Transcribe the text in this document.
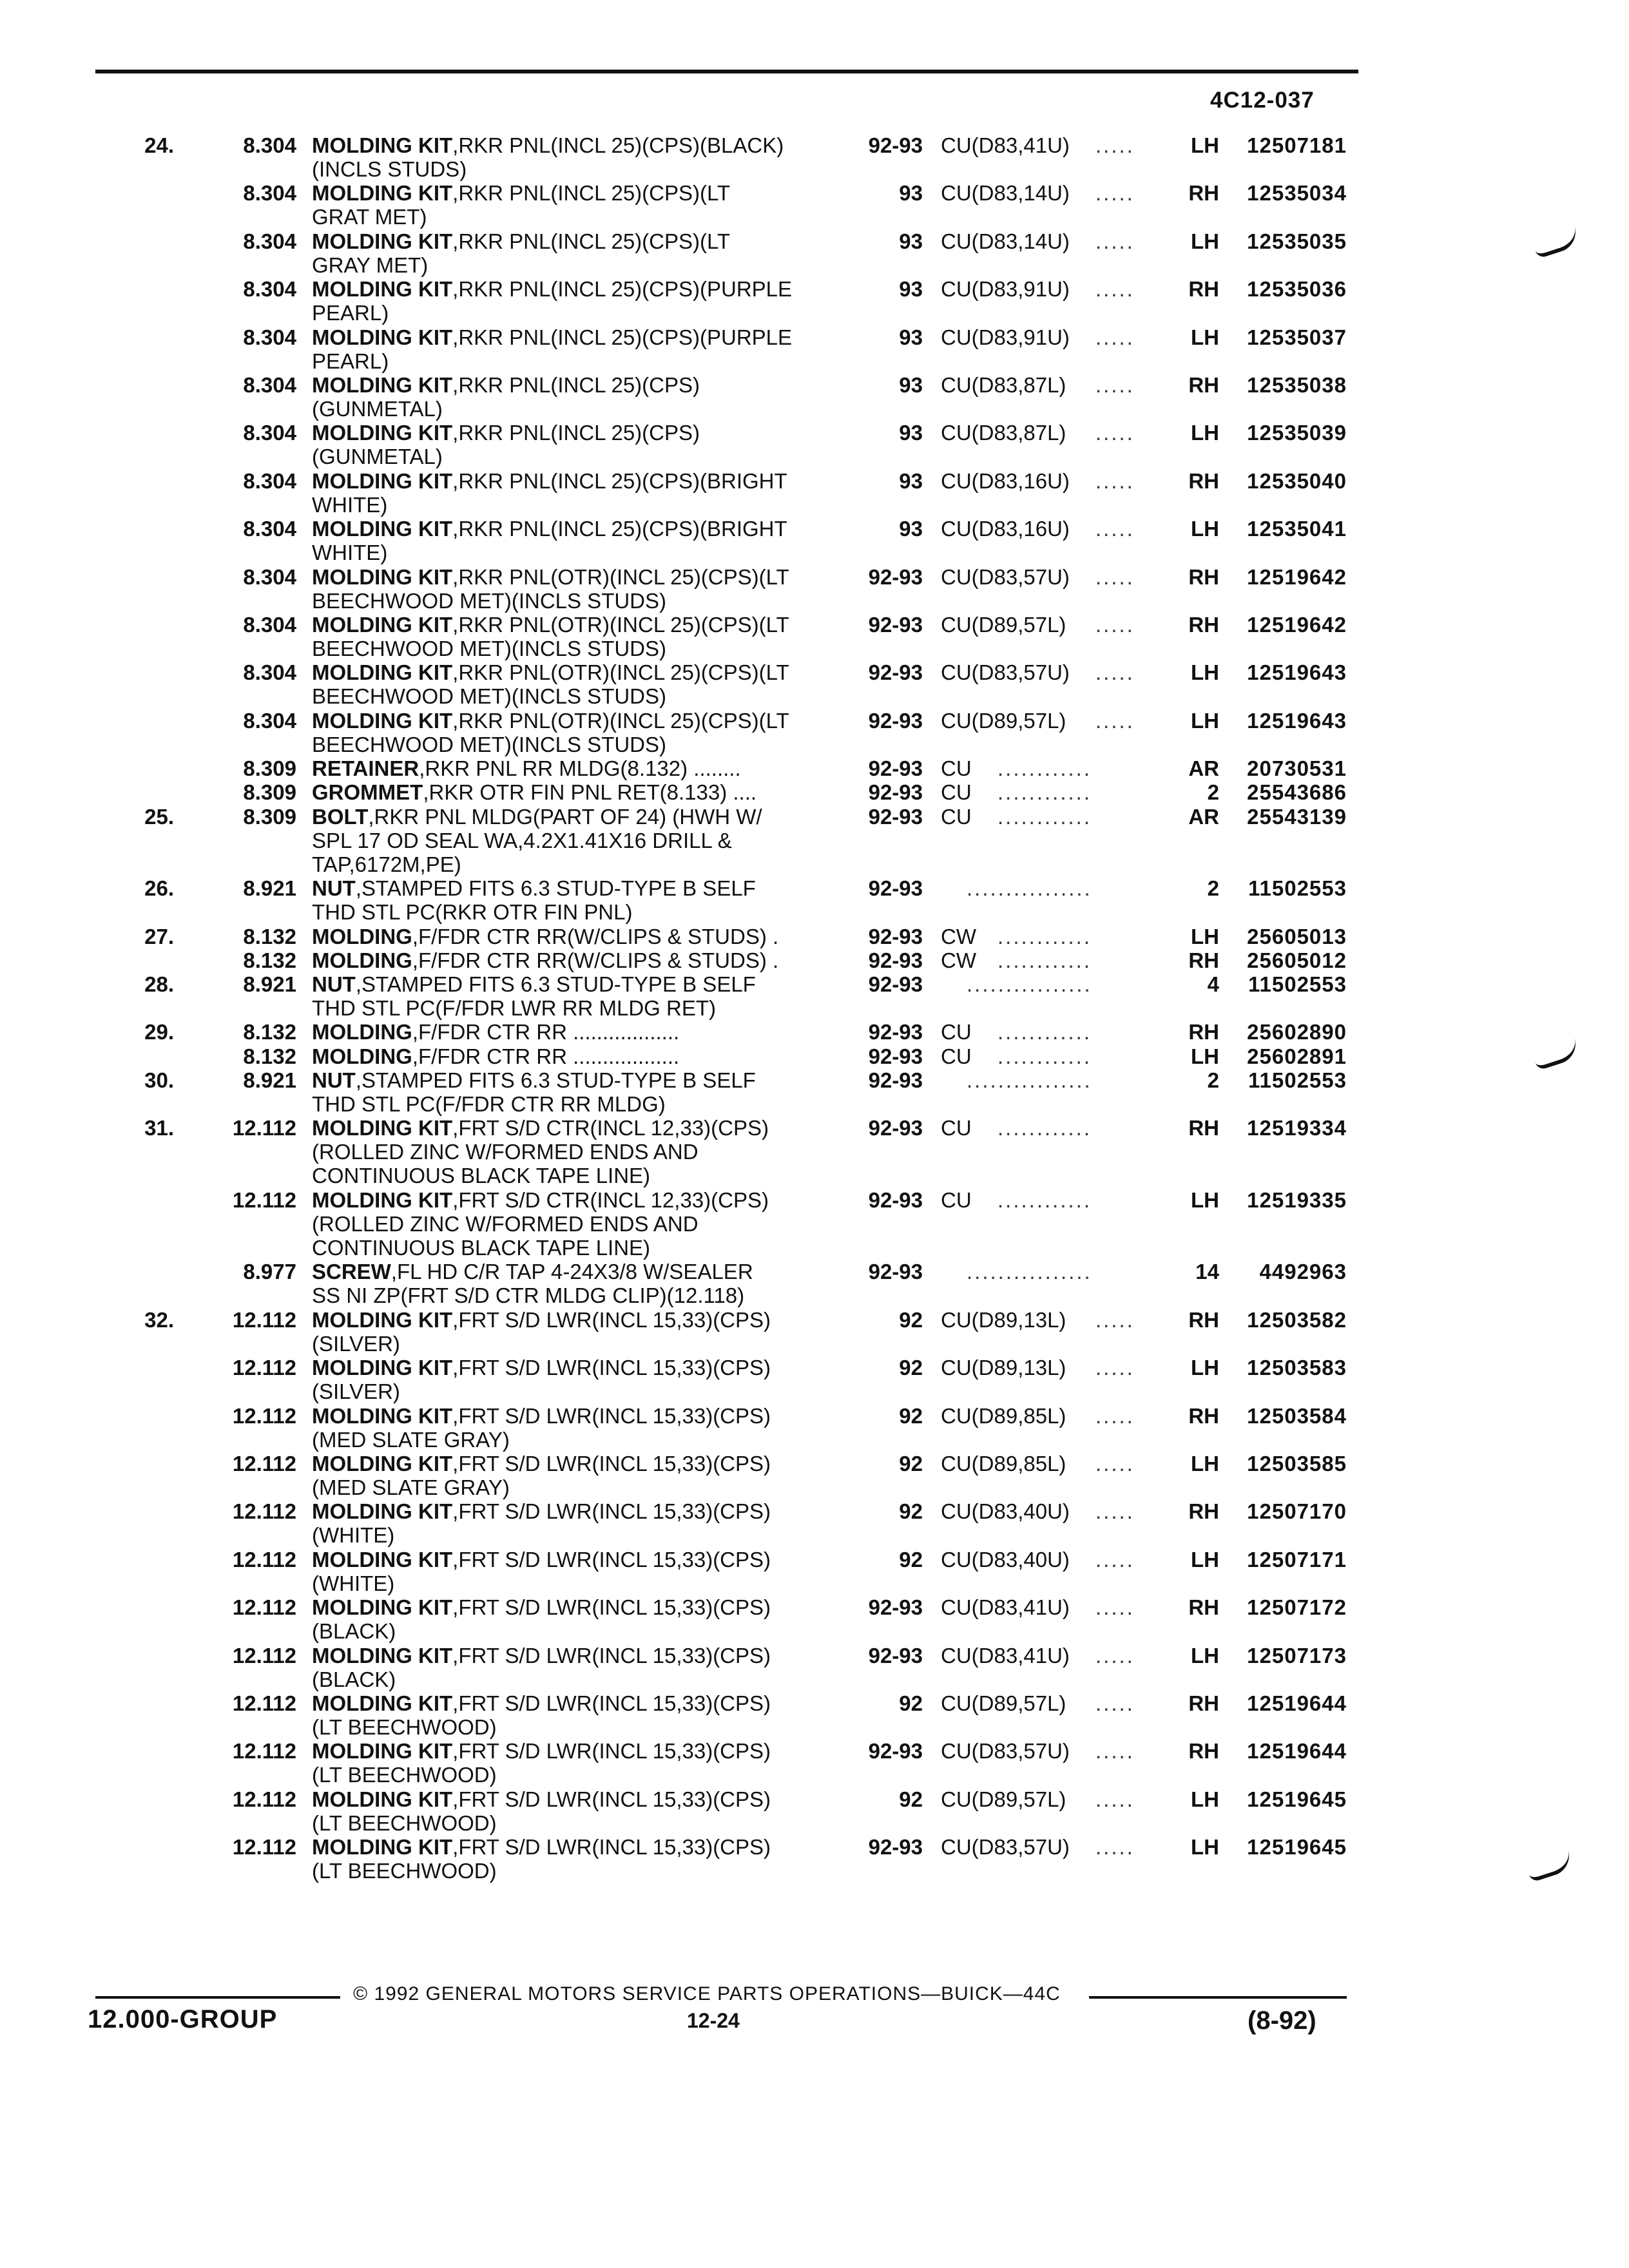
4C12-037
24.	8.304 MOLDING KIT,RKR PNL(INCL 25)(CPS)(BLACK)
(INCLS STUDS)
92-93 CU(D83,41U) .....	LH	12507181
8.304 MOLDING KIT,RKR PNL(INCL 25)(CPS)(LT
GRAT MET)
93 CU(D83,14U) .....	RH	12535034
8.304 MOLDING KIT,RKR PNL(INCL 25)(CPS)(LT
GRAY MET)
93 CU(D83,14U) .....	LH	12535035
8.304 MOLDING KIT,RKR PNL(INCL 25)(CPS)(PURPLE
PEARL)
93 CU(D83,91U) .....	RH	12535036
8.304 MOLDING KIT,RKR PNL(INCL 25)(CPS)(PURPLE
PEARL)
93 CU(D83,91U) .....	LH	12535037
8.304 MOLDING KIT,RKR PNL(INCL 25)(CPS)
(GUNMETAL)
93 CU(D83,87L) .....	RH	12535038
8.304 MOLDING KIT,RKR PNL(INCL 25)(CPS)
(GUNMETAL)
93 CU(D83,87L) .....	LH	12535039
8.304 MOLDING KIT,RKR PNL(INCL 25)(CPS)(BRIGHT
WHITE)
93 CU(D83,16U) .....	RH	12535040
8.304 MOLDING KIT,RKR PNL(INCL 25)(CPS)(BRIGHT
WHITE)
93 CU(D83,16U) .....	LH	12535041
8.304 MOLDING KIT,RKR PNL(OTR)(INCL 25)(CPS)(LT
BEECHWOOD MET)(INCLS STUDS)
92-93 CU(D83,57U) .....	RH	12519642
8.304 MOLDING KIT,RKR PNL(OTR)(INCL 25)(CPS)(LT
BEECHWOOD MET)(INCLS STUDS)
92-93 CU(D89,57L) .....	RH	12519642
8.304 MOLDING KIT,RKR PNL(OTR)(INCL 25)(CPS)(LT
BEECHWOOD MET)(INCLS STUDS)
92-93 CU(D83,57U) .....	LH	12519643
8.304 MOLDING KIT,RKR PNL(OTR)(INCL 25)(CPS)(LT
BEECHWOOD MET)(INCLS STUDS)
92-93 CU(D89,57L) .....	LH	12519643
8.309 RETAINER,RKR PNL RR MLDG(8.132) ........	92-93 CU ............	AR	20730531
8.309 GROMMET,RKR OTR FIN PNL RET(8.133) ....	92-93 CU ............	2	25543686
25.	8.309 BOLT,RKR PNL MLDG(PART OF 24) (HWH W/
SPL 17 OD SEAL WA,4.2X1.41X16 DRILL &
TAP,6172M,PE)
92-93 CU ............	AR	25543139
26.	8.921 NUT,STAMPED FITS 6.3 STUD-TYPE B SELF
THD STL PC(RKR OTR FIN PNL)
92-93 ................	2	11502553
27.	8.132 MOLDING,F/FDR CTR RR(W/CLIPS & STUDS) .	92-93 CW ............	LH	25605013
8.132 MOLDING,F/FDR CTR RR(W/CLIPS & STUDS) .	92-93 CW ............	RH	25605012
28.	8.921 NUT,STAMPED FITS 6.3 STUD-TYPE B SELF
THD STL PC(F/FDR LWR RR MLDG RET)
92-93 ................	4	11502553
29.	8.132 MOLDING,F/FDR CTR RR ..................	92-93 CU ............	RH	25602890
8.132 MOLDING,F/FDR CTR RR ..................	92-93 CU ............	LH	25602891
30.	8.921 NUT,STAMPED FITS 6.3 STUD-TYPE B SELF
THD STL PC(F/FDR CTR RR MLDG)
92-93 ................	2	11502553
31.	12.112 MOLDING KIT,FRT S/D CTR(INCL 12,33)(CPS)
(ROLLED ZINC W/FORMED ENDS AND
CONTINUOUS BLACK TAPE LINE)
92-93 CU ............	RH	12519334
12.112 MOLDING KIT,FRT S/D CTR(INCL 12,33)(CPS)
(ROLLED ZINC W/FORMED ENDS AND
CONTINUOUS BLACK TAPE LINE)
92-93 CU ............	LH	12519335
8.977 SCREW,FL HD C/R TAP 4-24X3/8 W/SEALER
SS NI ZP(FRT S/D CTR MLDG CLIP)(12.118)
92-93 ................	14	4492963
32.	12.112 MOLDING KIT,FRT S/D LWR(INCL 15,33)(CPS)
(SILVER)
92 CU(D89,13L) .....	RH	12503582
12.112 MOLDING KIT,FRT S/D LWR(INCL 15,33)(CPS)
(SILVER)
92 CU(D89,13L) .....	LH	12503583
12.112 MOLDING KIT,FRT S/D LWR(INCL 15,33)(CPS)
(MED SLATE GRAY)
92 CU(D89,85L) .....	RH	12503584
12.112 MOLDING KIT,FRT S/D LWR(INCL 15,33)(CPS)
(MED SLATE GRAY)
92 CU(D89,85L) .....	LH	12503585
12.112 MOLDING KIT,FRT S/D LWR(INCL 15,33)(CPS)
(WHITE)
92 CU(D83,40U) .....	RH	12507170
12.112 MOLDING KIT,FRT S/D LWR(INCL 15,33)(CPS)
(WHITE)
92 CU(D83,40U) .....	LH	12507171
12.112 MOLDING KIT,FRT S/D LWR(INCL 15,33)(CPS)
(BLACK)
92-93 CU(D83,41U) .....	RH	12507172
12.112 MOLDING KIT,FRT S/D LWR(INCL 15,33)(CPS)
(BLACK)
92-93 CU(D83,41U) .....	LH	12507173
12.112 MOLDING KIT,FRT S/D LWR(INCL 15,33)(CPS)
(LT BEECHWOOD)
92 CU(D89,57L) .....	RH	12519644
12.112 MOLDING KIT,FRT S/D LWR(INCL 15,33)(CPS)
(LT BEECHWOOD)
92-93 CU(D83,57U) .....	RH	12519644
12.112 MOLDING KIT,FRT S/D LWR(INCL 15,33)(CPS)
(LT BEECHWOOD)
92 CU(D89,57L) .....	LH	12519645
12.112 MOLDING KIT,FRT S/D LWR(INCL 15,33)(CPS)
(LT BEECHWOOD)
92-93 CU(D83,57U) .....	LH	12519645
© 1992 GENERAL MOTORS SERVICE PARTS OPERATIONS—BUICK—44C
12.000-GROUP	12-24	(8-92)
